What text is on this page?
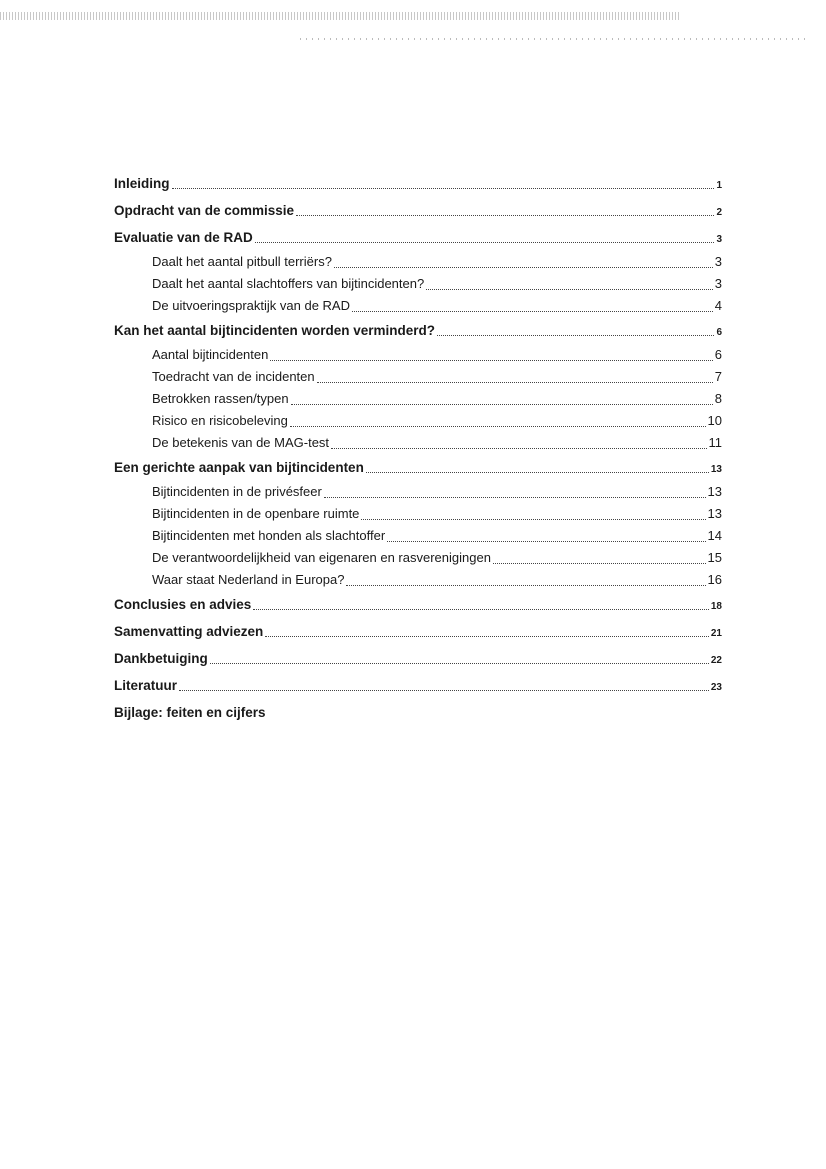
Inleiding	1
Opdracht van de commissie	2
Evaluatie van de RAD	3
Daalt het aantal pitbull terriërs?	3
Daalt het aantal slachtoffers van bijtincidenten?	3
De uitvoeringspraktijk van de RAD	4
Kan het aantal bijtincidenten worden verminderd?	6
Aantal bijtincidenten	6
Toedracht van de incidenten	7
Betrokken rassen/typen	8
Risico en risicobeleving	10
De betekenis van de MAG-test	11
Een gerichte aanpak van bijtincidenten	13
Bijtincidenten in de privésfeer	13
Bijtincidenten in de openbare ruimte	13
Bijtincidenten met honden als slachtoffer	14
De verantwoordelijkheid van eigenaren en rasverenigingen	15
Waar staat Nederland in Europa?	16
Conclusies en advies	18
Samenvatting adviezen	21
Dankbetuiging	22
Literatuur	23
Bijlage: feiten en cijfers
